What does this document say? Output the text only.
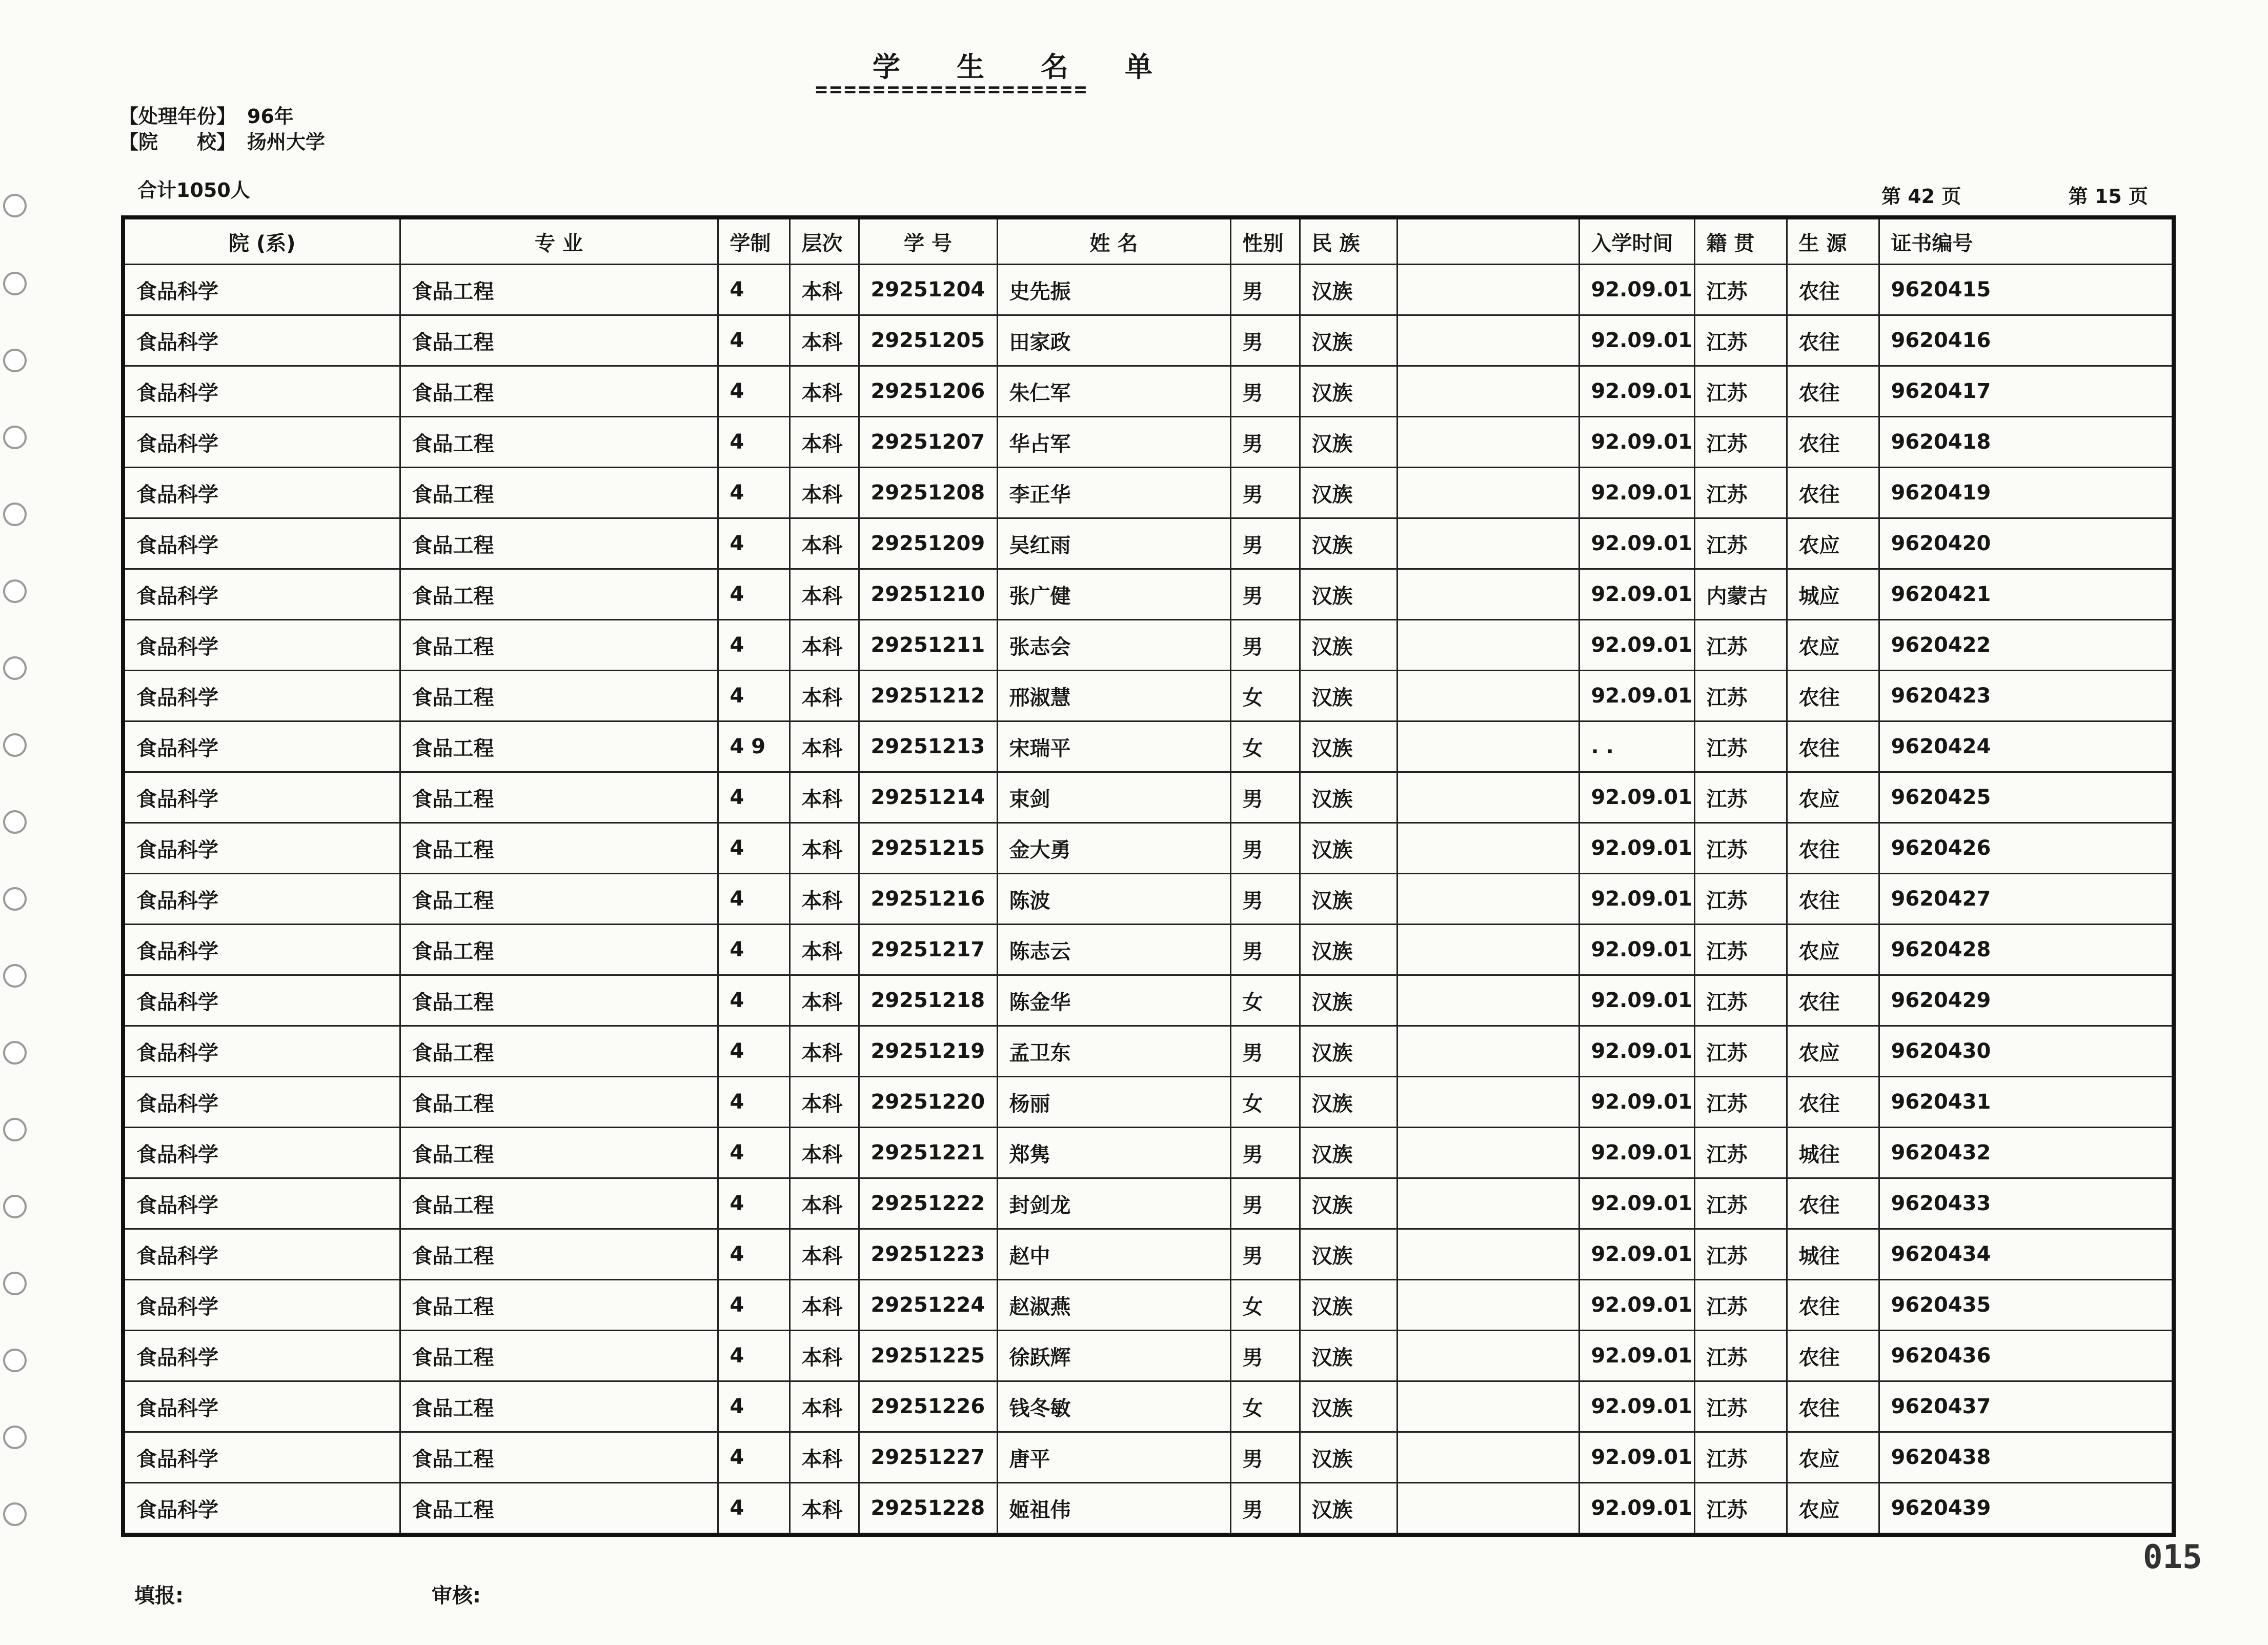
学生名单
===================
【处理年份】 96年
【院　　校】 扬州大学
合计1050人	第 42 页	第 15 页
院 (系)	专 业	学制	层次	学 号	姓 名	性别	民 族		入学时间	籍 贯	生 源	证书编号
食品科学	食品工程	4	本科	29251204	史先振	男	汉族		92.09.01	江苏	农往	9620415
食品科学	食品工程	4	本科	29251205	田家政	男	汉族		92.09.01	江苏	农往	9620416
食品科学	食品工程	4	本科	29251206	朱仁军	男	汉族		92.09.01	江苏	农往	9620417
食品科学	食品工程	4	本科	29251207	华占军	男	汉族		92.09.01	江苏	农往	9620418
食品科学	食品工程	4	本科	29251208	李正华	男	汉族		92.09.01	江苏	农往	9620419
食品科学	食品工程	4	本科	29251209	吴红雨	男	汉族		92.09.01	江苏	农应	9620420
食品科学	食品工程	4	本科	29251210	张广健	男	汉族		92.09.01	内蒙古	城应	9620421
食品科学	食品工程	4	本科	29251211	张志会	男	汉族		92.09.01	江苏	农应	9620422
食品科学	食品工程	4	本科	29251212	邢淑慧	女	汉族		92.09.01	江苏	农往	9620423
食品科学	食品工程	4 9	本科	29251213	宋瑞平	女	汉族		. .	江苏	农往	9620424
食品科学	食品工程	4	本科	29251214	束剑	男	汉族		92.09.01	江苏	农应	9620425
食品科学	食品工程	4	本科	29251215	金大勇	男	汉族		92.09.01	江苏	农往	9620426
食品科学	食品工程	4	本科	29251216	陈波	男	汉族		92.09.01	江苏	农往	9620427
食品科学	食品工程	4	本科	29251217	陈志云	男	汉族		92.09.01	江苏	农应	9620428
食品科学	食品工程	4	本科	29251218	陈金华	女	汉族		92.09.01	江苏	农往	9620429
食品科学	食品工程	4	本科	29251219	孟卫东	男	汉族		92.09.01	江苏	农应	9620430
食品科学	食品工程	4	本科	29251220	杨丽	女	汉族		92.09.01	江苏	农往	9620431
食品科学	食品工程	4	本科	29251221	郑隽	男	汉族		92.09.01	江苏	城往	9620432
食品科学	食品工程	4	本科	29251222	封剑龙	男	汉族		92.09.01	江苏	农往	9620433
食品科学	食品工程	4	本科	29251223	赵中	男	汉族		92.09.01	江苏	城往	9620434
食品科学	食品工程	4	本科	29251224	赵淑燕	女	汉族		92.09.01	江苏	农往	9620435
食品科学	食品工程	4	本科	29251225	徐跃辉	男	汉族		92.09.01	江苏	农往	9620436
食品科学	食品工程	4	本科	29251226	钱冬敏	女	汉族		92.09.01	江苏	农往	9620437
食品科学	食品工程	4	本科	29251227	唐平	男	汉族		92.09.01	江苏	农应	9620438
食品科学	食品工程	4	本科	29251228	姬祖伟	男	汉族		92.09.01	江苏	农应	9620439
填报:	审核:
015
